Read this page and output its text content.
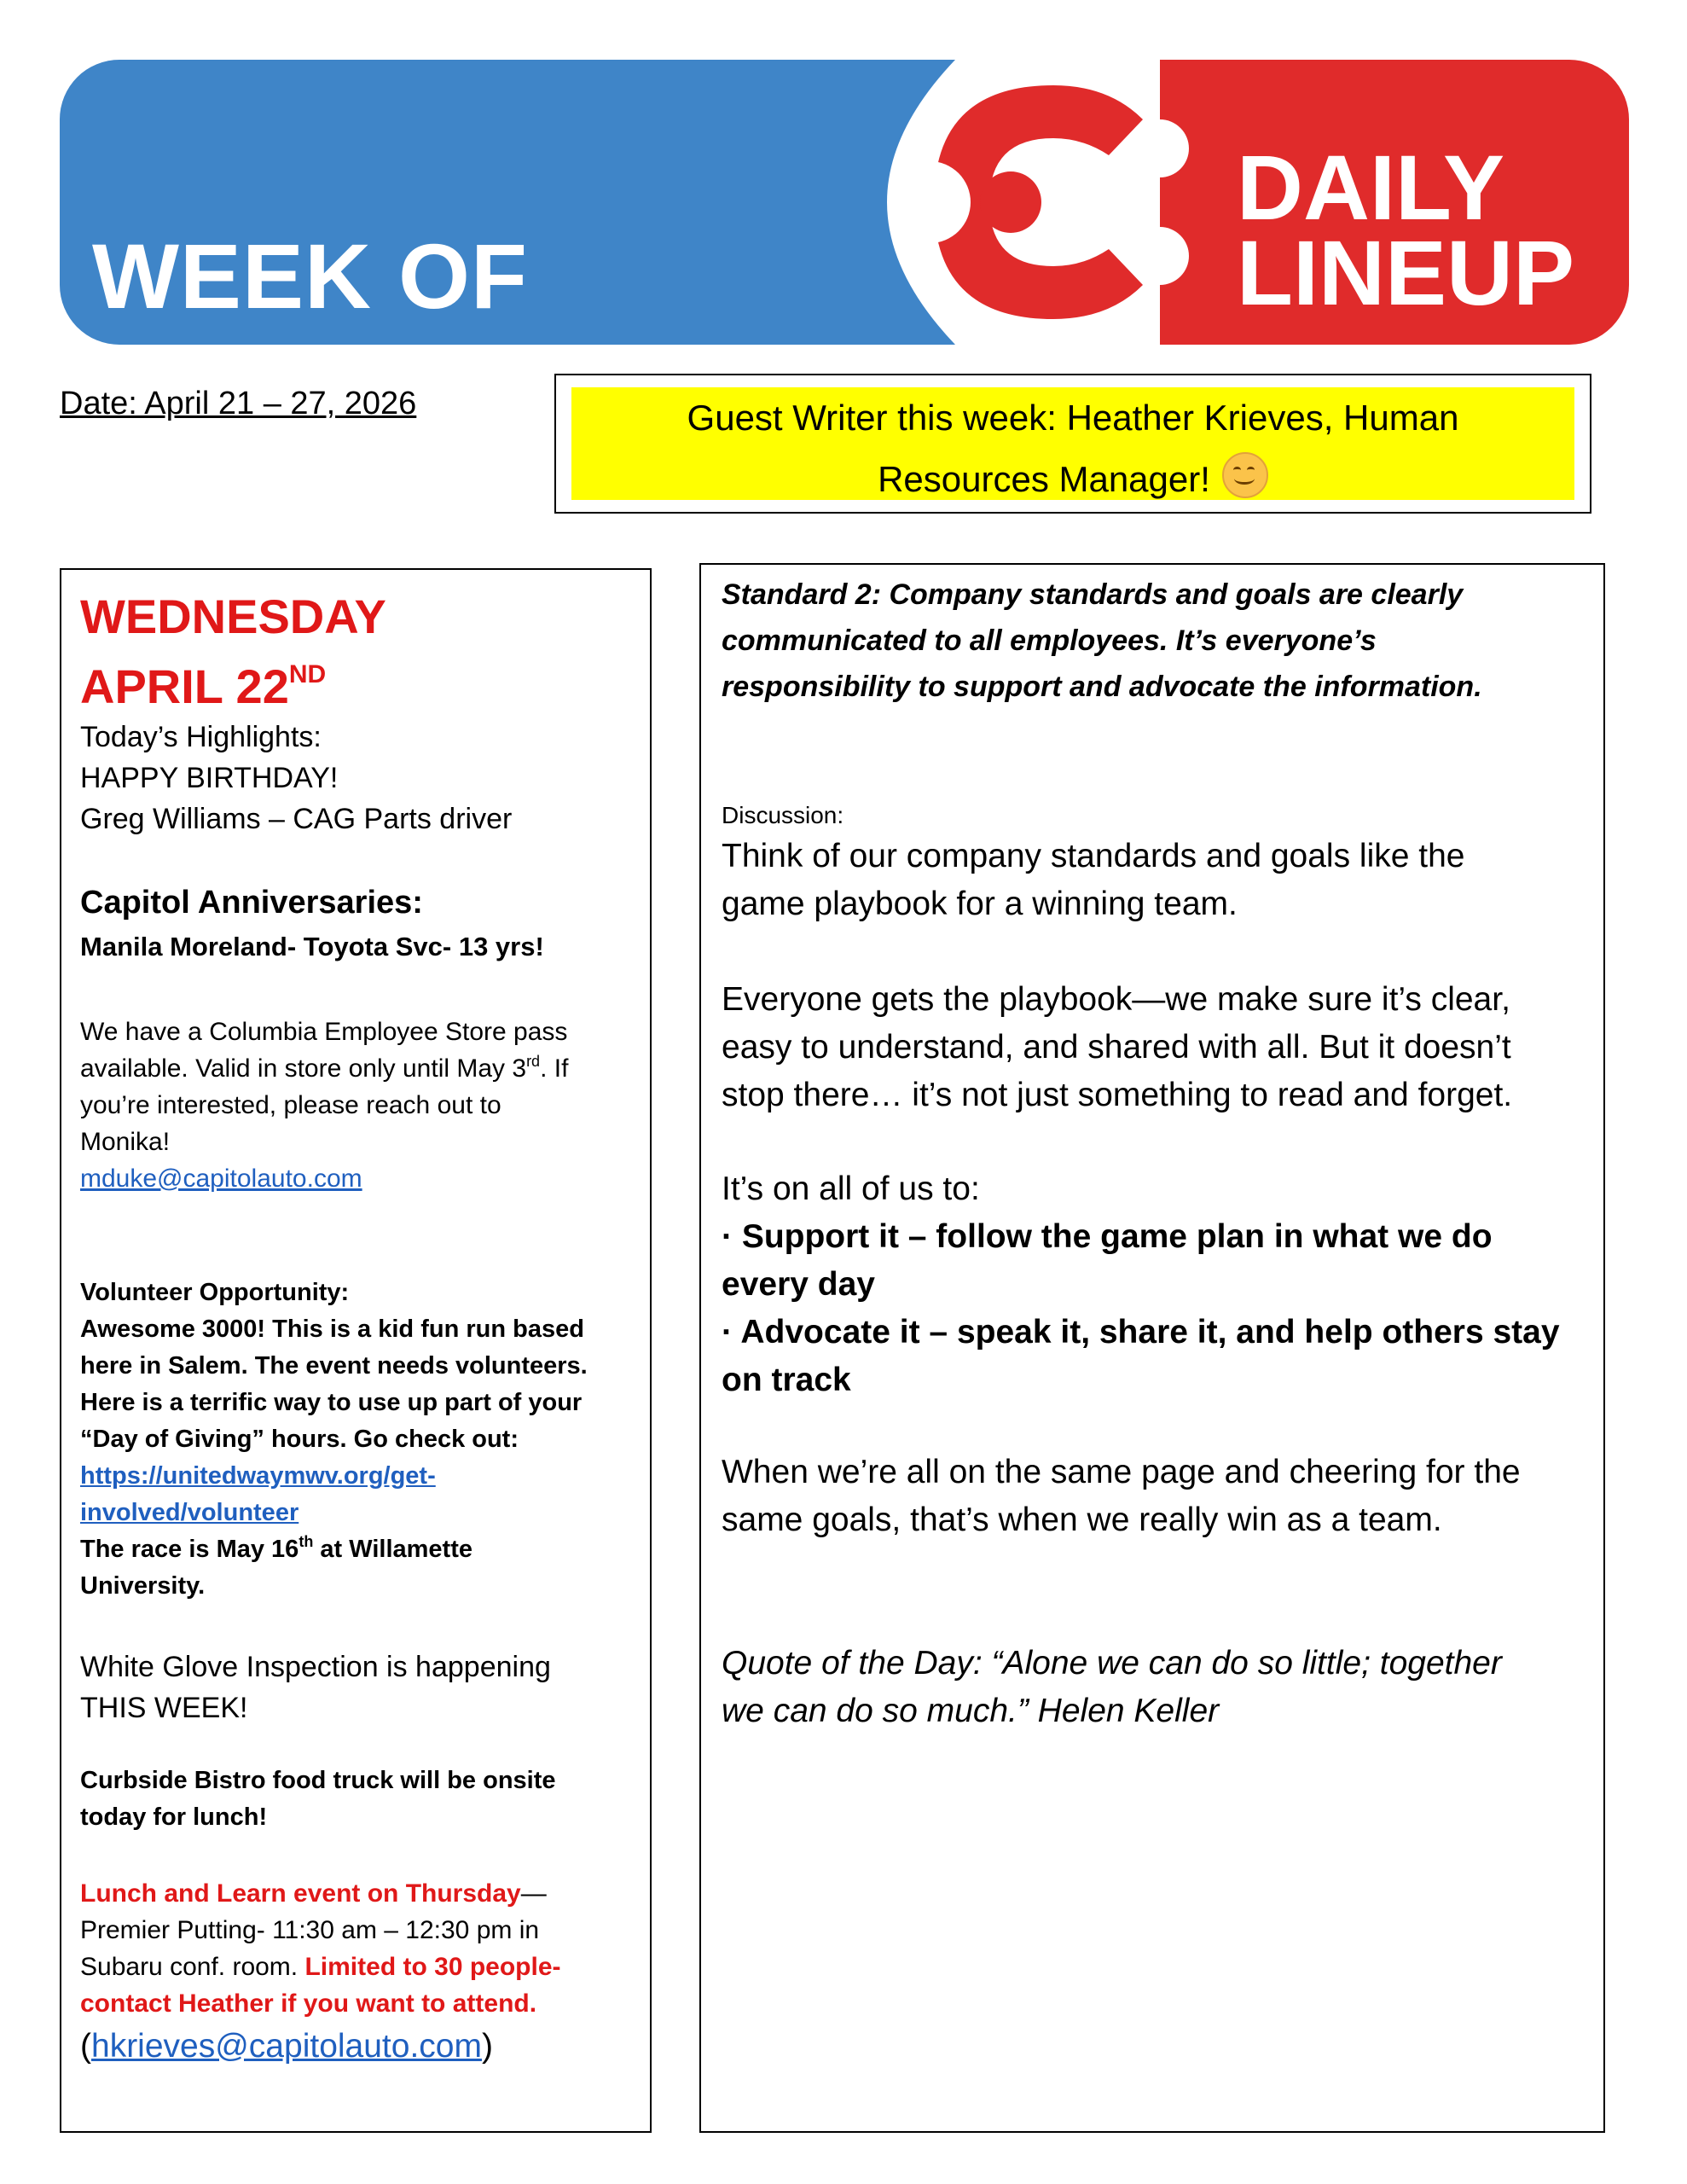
WEEK OF
DAILY
LINEUP
Date: April 21 – 27, 2026	Guest Writer this week: Heather Krieves, Human
Resources Manager!
WEDNESDAY
APRIL 22ND
Today’s Highlights:
HAPPY BIRTHDAY!
Greg Williams – CAG Parts driver
Capitol Anniversaries:
Manila Moreland- Toyota Svc- 13 yrs!
We have a Columbia Employee Store pass
available. Valid in store only until May 3rd. If
you’re interested, please reach out to
Monika!
mduke@capitolauto.com
Volunteer Opportunity:
Awesome 3000! This is a kid fun run based
here in Salem. The event needs volunteers.
Here is a terrific way to use up part of your
“Day of Giving” hours. Go check out:
https://unitedwaymwv.org/get-
involved/volunteer
The race is May 16th at Willamette
University.
White Glove Inspection is happening
THIS WEEK!
Curbside Bistro food truck will be onsite
today for lunch!
Lunch and Learn event on Thursday—
Premier Putting- 11:30 am – 12:30 pm in
Subaru conf. room. Limited to 30 people-
contact Heather if you want to attend.
(hkrieves@capitolauto.com)
Standard 2: Company standards and goals are clearly
communicated to all employees. It’s everyone’s
responsibility to support and advocate the information.
Discussion:
Think of our company standards and goals like the
game playbook for a winning team.
Everyone gets the playbook—we make sure it’s clear,
easy to understand, and shared with all. But it doesn’t
stop there… it’s not just something to read and forget.
It’s on all of us to:
· Support it – follow the game plan in what we do
every day
· Advocate it – speak it, share it, and help others stay
on track
When we’re all on the same page and cheering for the
same goals, that’s when we really win as a team.
Quote of the Day: “Alone we can do so little; together
we can do so much.” Helen Keller
